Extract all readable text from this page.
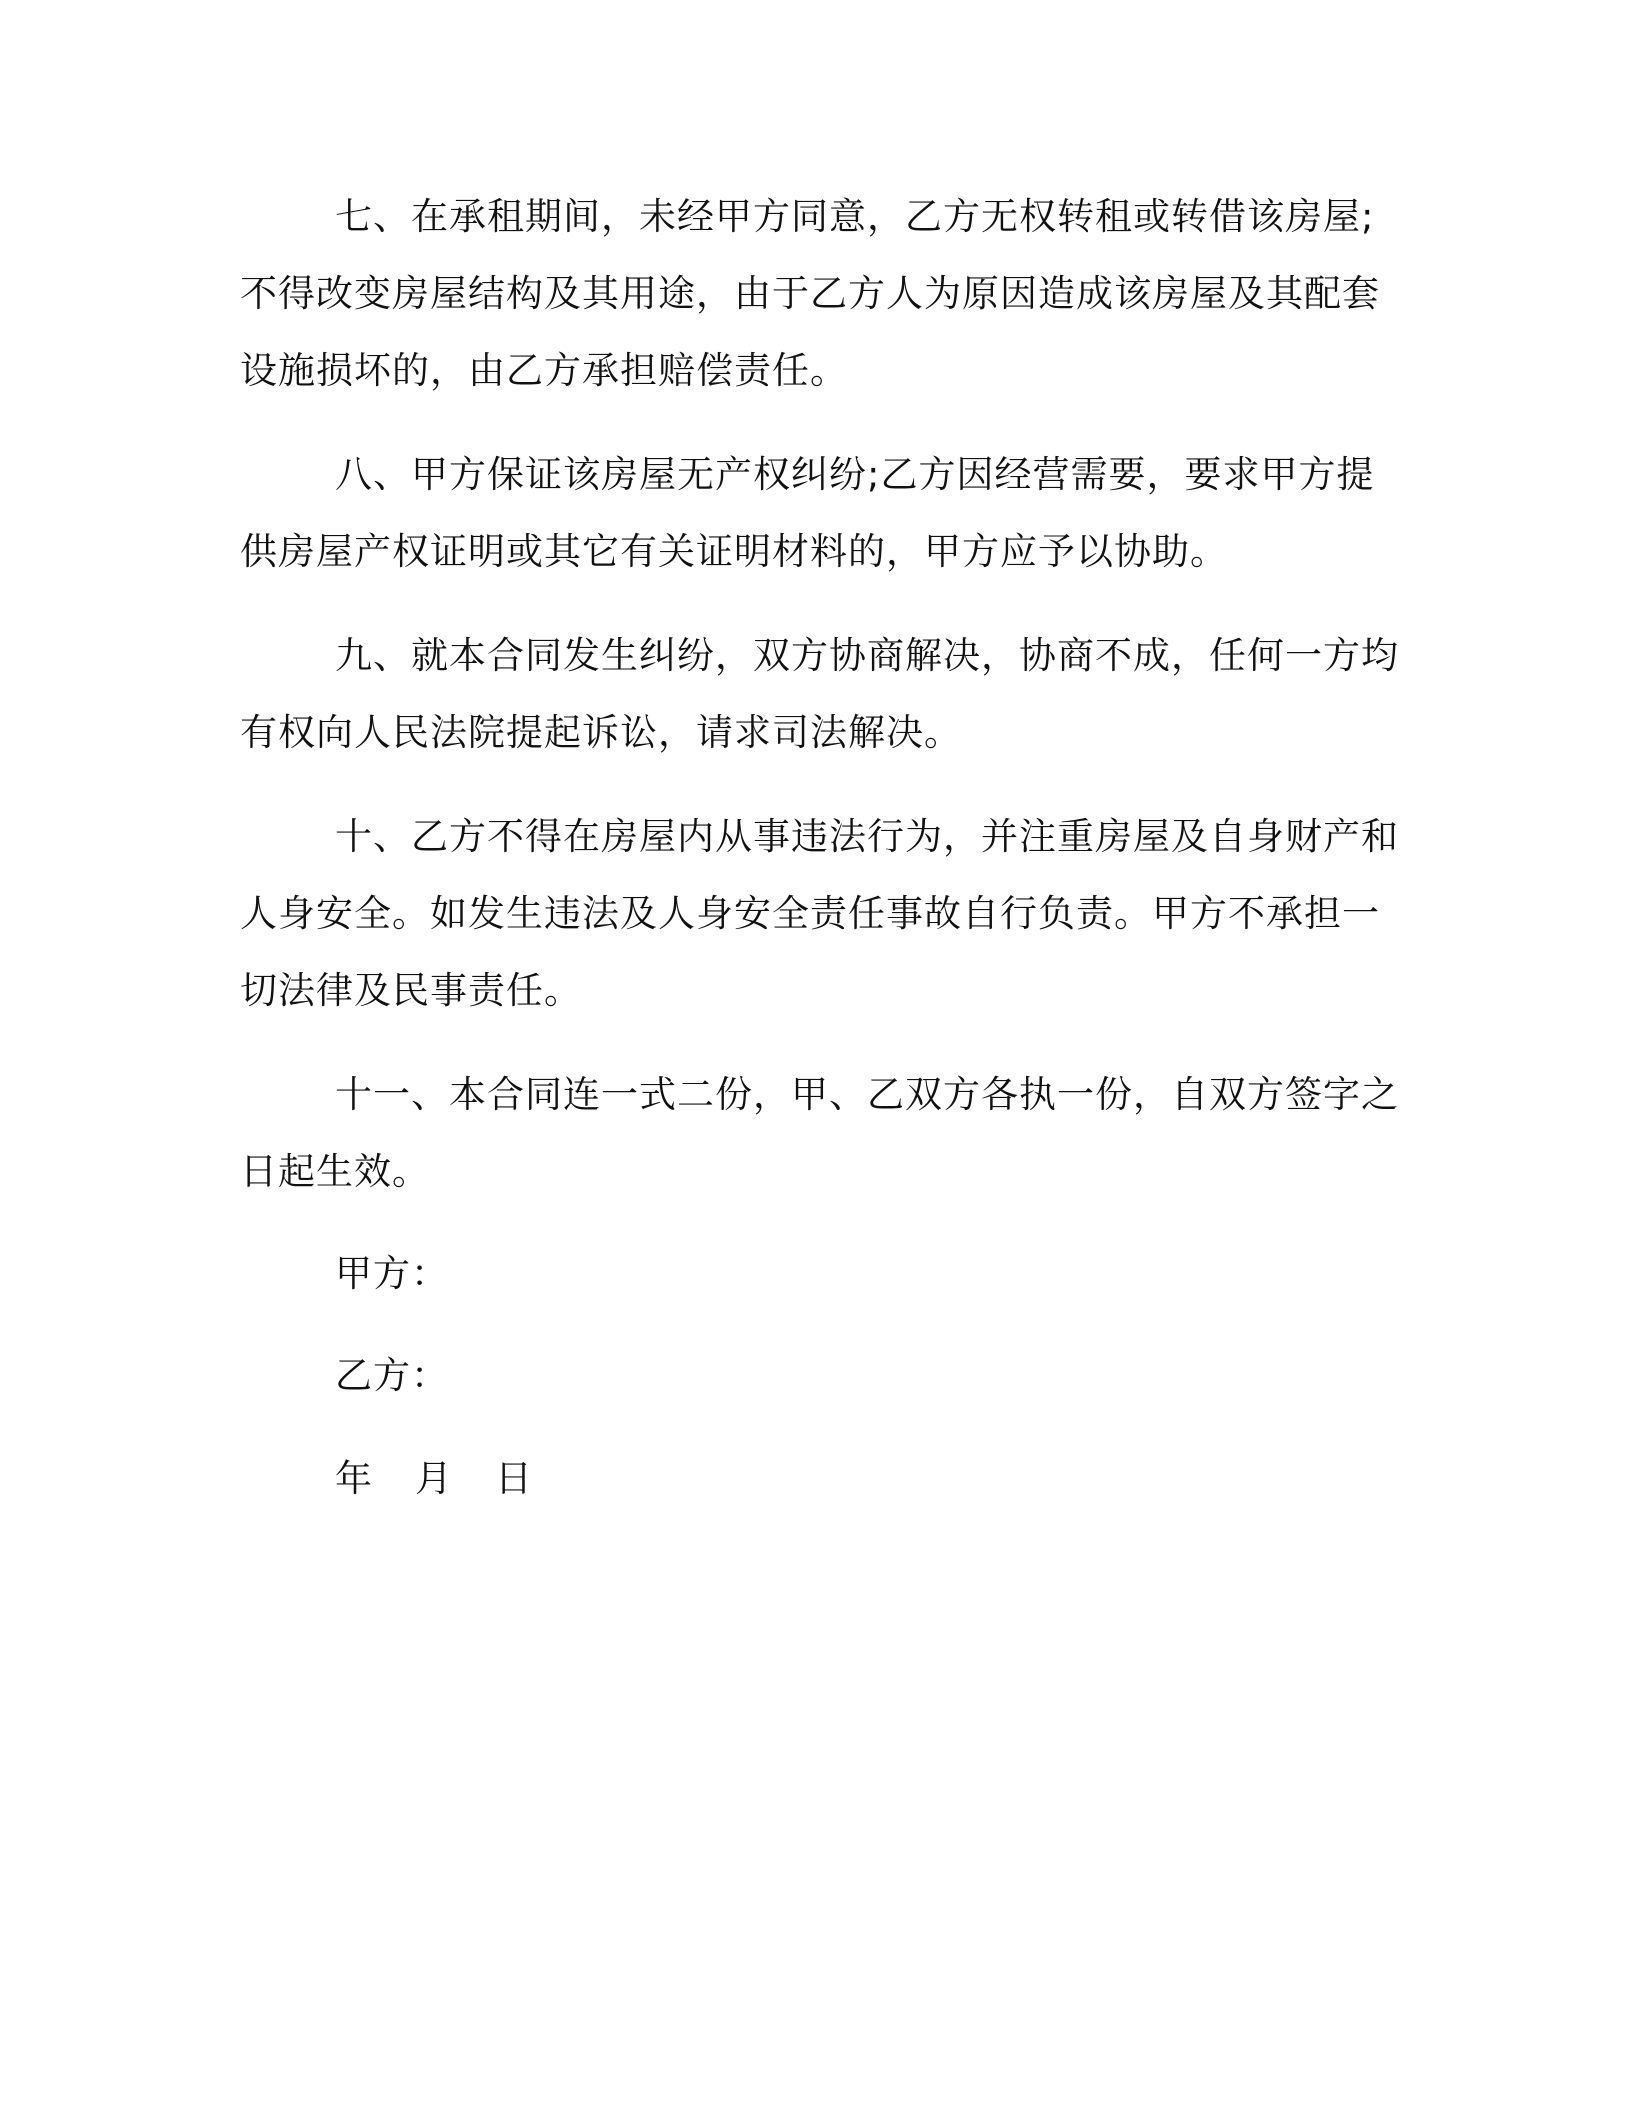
七、在承租期间，未经甲方同意，乙方无权转租或转借该房屋;
不得改变房屋结构及其用途，由于乙方人为原因造成该房屋及其配套
设施损坏的，由乙方承担赔偿责任。
八、甲方保证该房屋无产权纠纷;乙方因经营需要，要求甲方提
供房屋产权证明或其它有关证明材料的，甲方应予以协助。
九、就本合同发生纠纷，双方协商解决，协商不成，任何一方均
有权向人民法院提起诉讼，请求司法解决。
十、乙方不得在房屋内从事违法行为，并注重房屋及自身财产和
人身安全。如发生违法及人身安全责任事故自行负责。甲方不承担一
切法律及民事责任。
十一、本合同连一式二份，甲、乙双方各执一份，自双方签字之
日起生效。
甲方：
乙方：
年 月 日
